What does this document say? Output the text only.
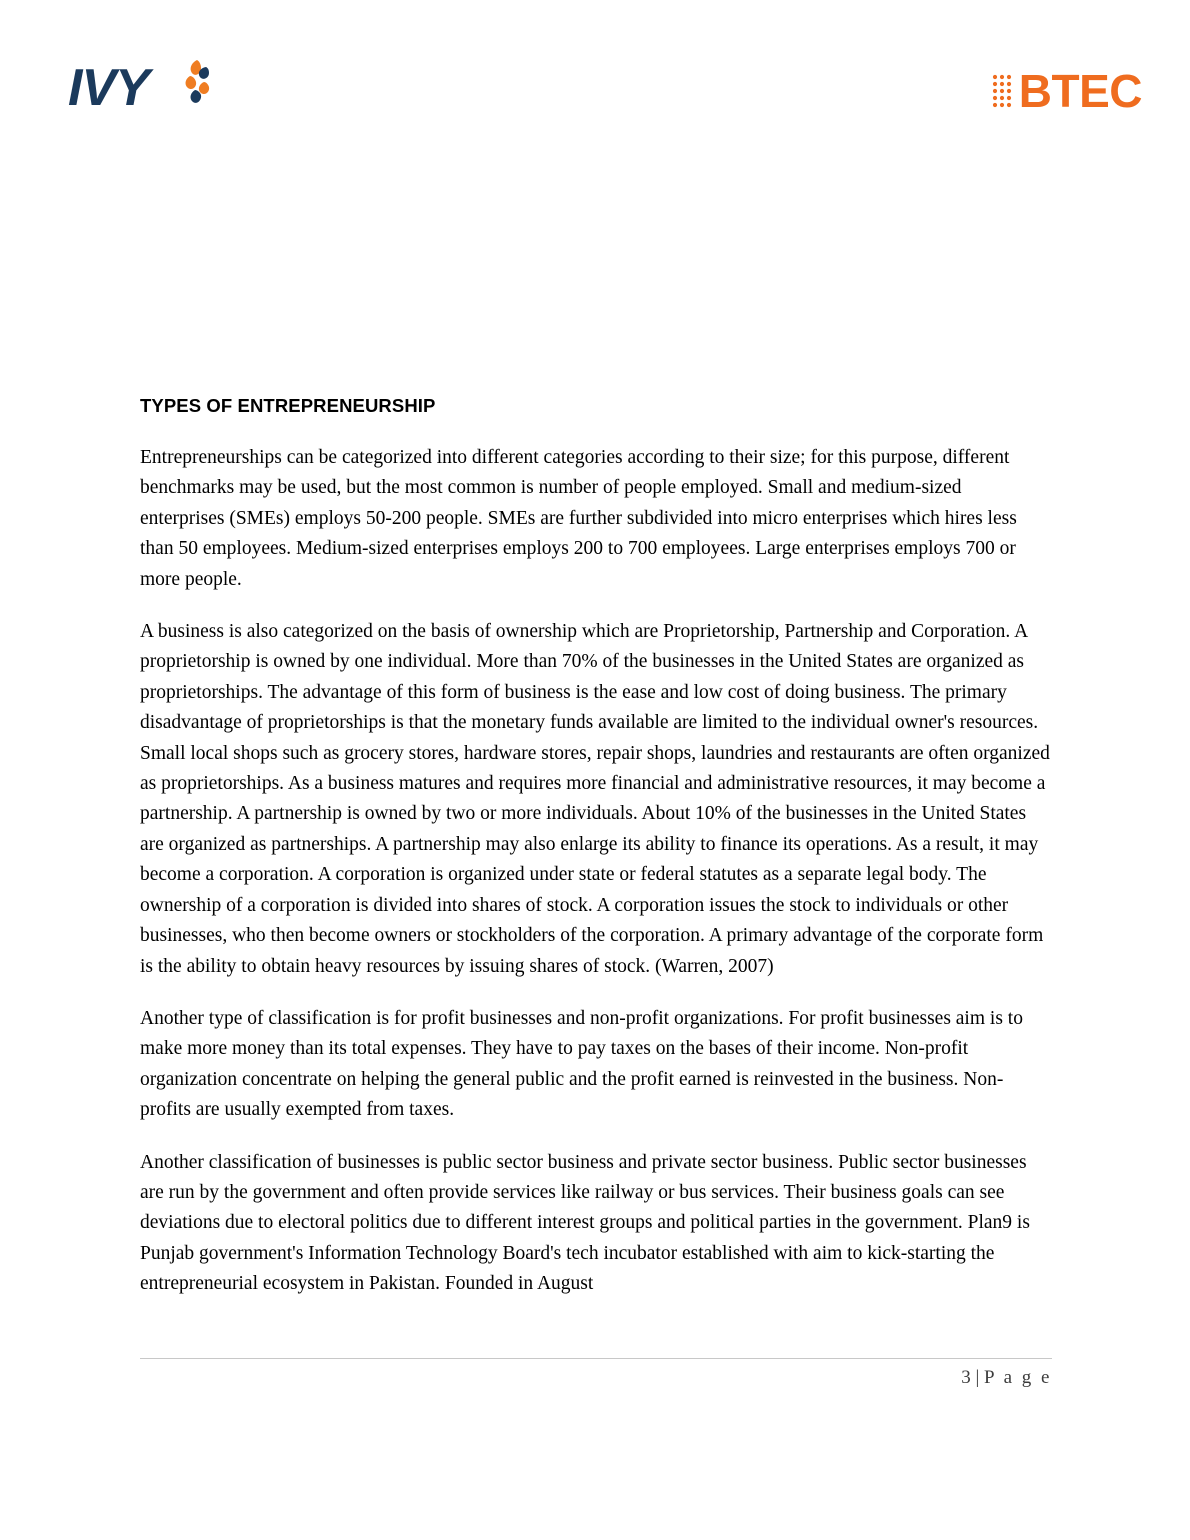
IVY	BTEC
TYPES OF ENTREPRENEURSHIP

Entrepreneurships can be categorized into different categories according to their size; for this purpose, different benchmarks may be used, but the most common is number of people employed. Small and medium-sized enterprises (SMEs) employs 50-200 people. SMEs are further subdivided into micro enterprises which hires less than 50 employees. Medium-sized enterprises employs 200 to 700 employees. Large enterprises employs 700 or more people.

A business is also categorized on the basis of ownership which are Proprietorship, Partnership and Corporation. A proprietorship is owned by one individual. More than 70% of the businesses in the United States are organized as proprietorships. The advantage of this form of business is the ease and low cost of doing business. The primary disadvantage of proprietorships is that the monetary funds available are limited to the individual owner's resources. Small local shops such as grocery stores, hardware stores, repair shops, laundries and restaurants are often organized as proprietorships. As a business matures and requires more financial and administrative resources, it may become a partnership. A partnership is owned by two or more individuals. About 10% of the businesses in the United States are organized as partnerships. A partnership may also enlarge its ability to finance its operations. As a result, it may become a corporation. A corporation is organized under state or federal statutes as a separate legal body. The ownership of a corporation is divided into shares of stock. A corporation issues the stock to individuals or other businesses, who then become owners or stockholders of the corporation. A primary advantage of the corporate form is the ability to obtain heavy resources by issuing shares of stock. (Warren, 2007)

Another type of classification is for profit businesses and non-profit organizations. For profit businesses aim is to make more money than its total expenses. They have to pay taxes on the bases of their income. Non-profit organization concentrate on helping the general public and the profit earned is reinvested in the business. Non-profits are usually exempted from taxes.

Another classification of businesses is public sector business and private sector business. Public sector businesses are run by the government and often provide services like railway or bus services. Their business goals can see deviations due to electoral politics due to different interest groups and political parties in the government. Plan9 is Punjab government's Information Technology Board's tech incubator established with aim to kick-starting the entrepreneurial ecosystem in Pakistan. Founded in August

3 | P a g e
